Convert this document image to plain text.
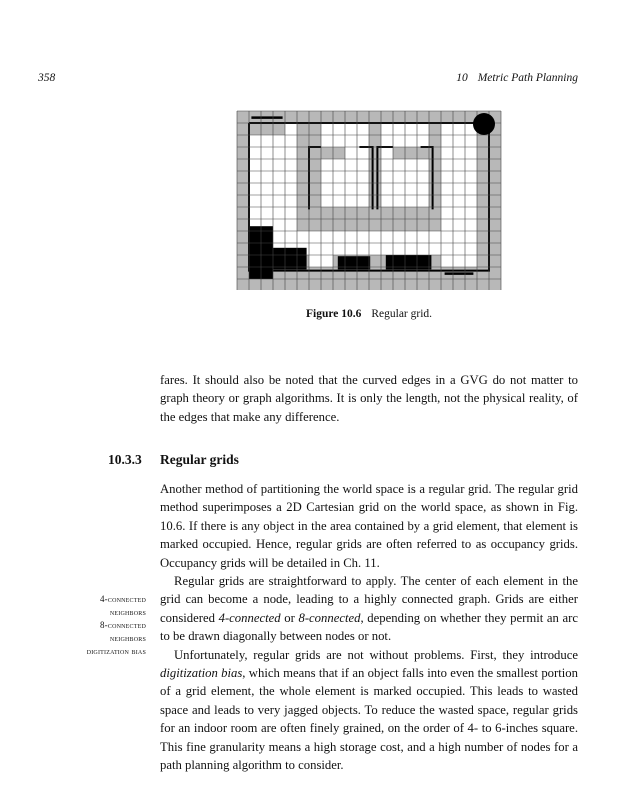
358	10 Metric Path Planning
Figure 10.6 Regular grid.

fares. It should also be noted that the curved edges in a GVG do not matter to graph theory or graph algorithms. It is only the length, not the physical reality, of the edges that make any difference.

10.3.3 Regular grids

Another method of partitioning the world space is a regular grid. The regular grid method superimposes a 2D Cartesian grid on the world space, as shown in Fig. 10.6. If there is any object in the area contained by a grid element, that element is marked occupied. Hence, regular grids are often referred to as occupancy grids. Occupancy grids will be detailed in Ch. 11.

Regular grids are straightforward to apply. The center of each element in the grid can become a node, leading to a highly connected graph. Grids are either considered 4-connected or 8-connected, depending on whether they permit an arc to be drawn diagonally between nodes or not.

Unfortunately, regular grids are not without problems. First, they introduce digitization bias, which means that if an object falls into even the smallest portion of a grid element, the whole element is marked occupied. This leads to wasted space and leads to very jagged objects. To reduce the wasted space, regular grids for an indoor room are often finely grained, on the order of 4- to 6-inches square. This fine granularity means a high storage cost, and a high number of nodes for a path planning algorithm to consider.

4-connected
neighbors
8-connected
neighbors
digitization bias
